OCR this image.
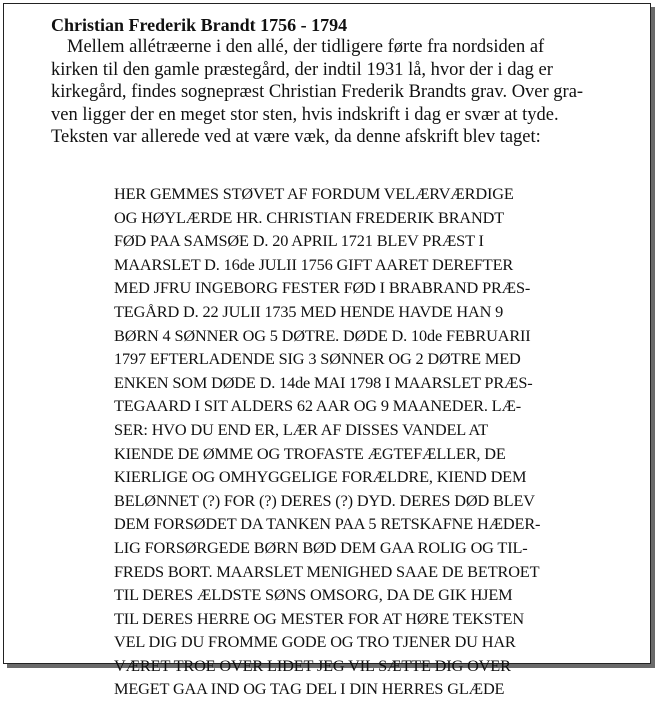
Christian Frederik Brandt 1756 - 1794
Mellem allétræerne i den allé, der tidligere førte fra nordsiden af
kirken til den gamle præstegård, der indtil 1931 lå, hvor der i dag er
kirkegård, findes sognepræst Christian Frederik Brandts grav. Over gra-
ven ligger der en meget stor sten, hvis indskrift i dag er svær at tyde.
Teksten var allerede ved at være væk, da denne afskrift blev taget:
HER GEMMES STØVET AF FORDUM VELÆRVÆRDIGE
OG HØYLÆRDE HR. CHRISTIAN FREDERIK BRANDT
FØD PAA SAMSØE D. 20 APRIL 1721 BLEV PRÆST I
MAARSLET D. 16de JULII 1756 GIFT AARET DEREFTER
MED JFRU INGEBORG FESTER FØD I BRABRAND PRÆS-
TEGÅRD D. 22 JULII 1735 MED HENDE HAVDE HAN 9
BØRN 4 SØNNER OG 5 DØTRE. DØDE D. 10de FEBRUARII
1797 EFTERLADENDE SIG 3 SØNNER OG 2 DØTRE MED
ENKEN SOM DØDE D. 14de MAI 1798 I MAARSLET PRÆS-
TEGAARD I SIT ALDERS 62 AAR OG 9 MAANEDER. LÆ-
SER: HVO DU END ER, LÆR AF DISSES VANDEL AT
KIENDE DE ØMME OG TROFASTE ÆGTEFÆLLER, DE
KIERLIGE OG OMHYGGELIGE FORÆLDRE, KIEND DEM
BELØNNET (?) FOR (?) DERES (?) DYD. DERES DØD BLEV
DEM FORSØDET DA TANKEN PAA 5 RETSKAFNE HÆDER-
LIG FORSØRGEDE BØRN BØD DEM GAA ROLIG OG TIL-
FREDS BORT. MAARSLET MENIGHED SAAE DE BETROET
TIL DERES ÆLDSTE SØNS OMSORG, DA DE GIK HJEM
TIL DERES HERRE OG MESTER FOR AT HØRE TEKSTEN
VEL DIG DU FROMME GODE OG TRO TJENER DU HAR
VÆRET TROE OVER LIDET JEG VIL SÆTTE DIG OVER
MEGET GAA IND OG TAG DEL I DIN HERRES GLÆDE
